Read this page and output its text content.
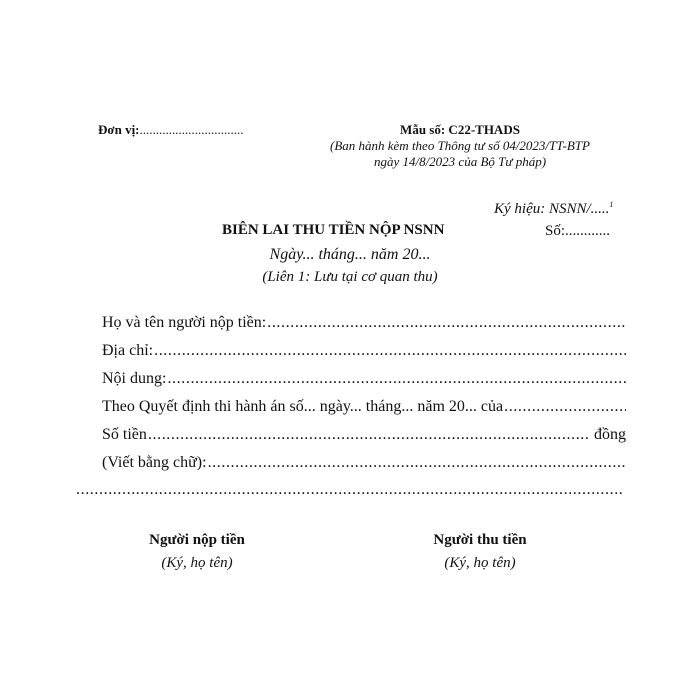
Đơn vị:................................	Mẫu số: C22-THADS
(Ban hành kèm theo Thông tư số 04/2023/TT-BTP
ngày 14/8/2023 của Bộ Tư pháp)
Ký hiệu: NSNN/.....$^1$
BIÊN LAI THU TIỀN NỘP NSNN	Số:............
Ngày... tháng... năm 20...
(Liên 1: Lưu tại cơ quan thu)
Họ và tên người nộp tiền:
.....
Địa chỉ:
.....
Nội dung:
.....
Theo Quyết định thi hành án số... ngày... tháng... năm 20... của
.....
Số tiền
.....	đồng
(Viết bằng chữ):
.....
.....
Người nộp tiền
(Ký, họ tên)
Người thu tiền
(Ký, họ tên)
